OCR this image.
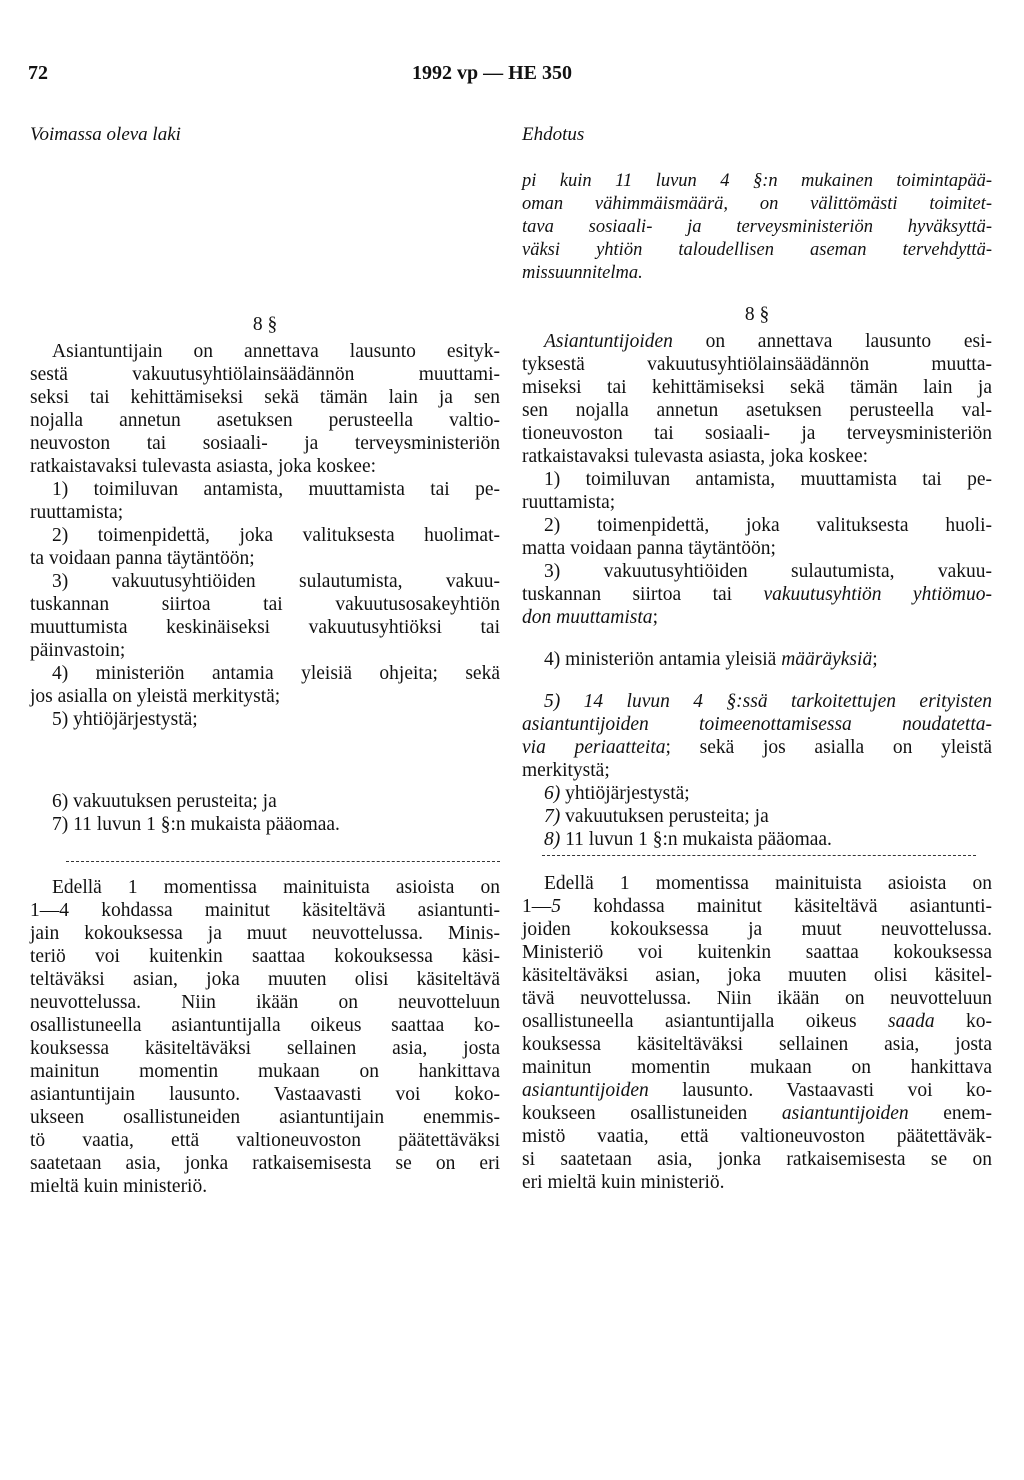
72	1992 vp — HE 350
Voimassa oleva laki	Ehdotus
pi kuin 11 luvun 4 §:n mukainen toimintapää-
oman vähimmäismäärä, on välittömästi toimitet-
tava sosiaali- ja terveysministeriön hyväksyttä-
väksi yhtiön taloudellisen aseman tervehdyttä-
missuunnitelma.
8 §
Asiantuntijain on annettava lausunto esityk-
sestä vakuutusyhtiölainsäädännön muuttami-
seksi tai kehittämiseksi sekä tämän lain ja sen
nojalla annetun asetuksen perusteella valtio-
neuvoston tai sosiaali- ja terveysministeriön
ratkaistavaksi tulevasta asiasta, joka koskee:
1) toimiluvan antamista, muuttamista tai pe-
ruuttamista;
2) toimenpidettä, joka valituksesta huolimat-
ta voidaan panna täytäntöön;
3) vakuutusyhtiöiden sulautumista, vakuu-
tuskannan siirtoa tai vakuutusosakeyhtiön
muuttumista keskinäiseksi vakuutusyhtiöksi tai
päinvastoin;
4) ministeriön antamia yleisiä ohjeita; sekä
jos asialla on yleistä merkitystä;
5) yhtiöjärjestystä;
6) vakuutuksen perusteita; ja
7) 11 luvun 1 §:n mukaista pääomaa.
Edellä 1 momentissa mainituista asioista on
1—4 kohdassa mainitut käsiteltävä asiantunti-
jain kokouksessa ja muut neuvottelussa. Minis-
teriö voi kuitenkin saattaa kokouksessa käsi-
teltäväksi asian, joka muuten olisi käsiteltävä
neuvottelussa. Niin ikään on neuvotteluun
osallistuneella asiantuntijalla oikeus saattaa ko-
kouksessa käsiteltäväksi sellainen asia, josta
mainitun momentin mukaan on hankittava
asiantuntijain lausunto. Vastaavasti voi koko-
ukseen osallistuneiden asiantuntijain enemmis-
tö vaatia, että valtioneuvoston päätettäväksi
saatetaan asia, jonka ratkaisemisesta se on eri
mieltä kuin ministeriö.
8 §
Asiantuntijoiden on annettava lausunto esi-
tyksestä vakuutusyhtiölainsäädännön muutta-
miseksi tai kehittämiseksi sekä tämän lain ja
sen nojalla annetun asetuksen perusteella val-
tioneuvoston tai sosiaali- ja terveysministeriön
ratkaistavaksi tulevasta asiasta, joka koskee:
1) toimiluvan antamista, muuttamista tai pe-
ruuttamista;
2) toimenpidettä, joka valituksesta huoli-
matta voidaan panna täytäntöön;
3) vakuutusyhtiöiden sulautumista, vakuu-
tuskannan siirtoa tai vakuutusyhtiön yhtiömuo-
don muuttamista;
4) ministeriön antamia yleisiä määräyksiä;
5) 14 luvun 4 §:ssä tarkoitettujen erityisten
asiantuntijoiden toimeenottamisessa noudatetta-
via periaatteita; sekä jos asialla on yleistä
merkitystä;
6) yhtiöjärjestystä;
7) vakuutuksen perusteita; ja
8) 11 luvun 1 §:n mukaista pääomaa.
Edellä 1 momentissa mainituista asioista on
1—5 kohdassa mainitut käsiteltävä asiantunti-
joiden kokouksessa ja muut neuvottelussa.
Ministeriö voi kuitenkin saattaa kokouksessa
käsiteltäväksi asian, joka muuten olisi käsitel-
tävä neuvottelussa. Niin ikään on neuvotteluun
osallistuneella asiantuntijalla oikeus saada ko-
kouksessa käsiteltäväksi sellainen asia, josta
mainitun momentin mukaan on hankittava
asiantuntijoiden lausunto. Vastaavasti voi ko-
koukseen osallistuneiden asiantuntijoiden enem-
mistö vaatia, että valtioneuvoston päätettäväk-
si saatetaan asia, jonka ratkaisemisesta se on
eri mieltä kuin ministeriö.
